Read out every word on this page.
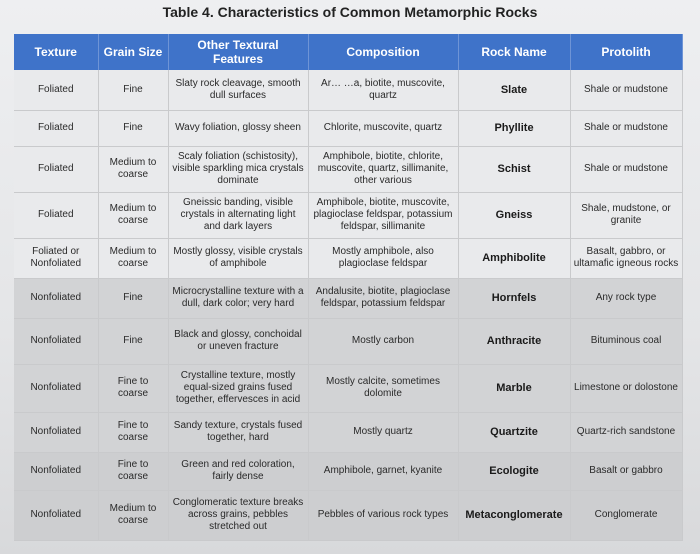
Table 4. Characteristics of Common Metamorphic Rocks
Texture	Grain Size	Other Textural Features	Composition	Rock Name	Protolith
Foliated	Fine	Slaty rock cleavage, smooth dull surfaces	Ar… …a, biotite, muscovite, quartz	Slate	Shale or mudstone
Foliated	Fine	Wavy foliation, glossy sheen	Chlorite, muscovite, quartz	Phyllite	Shale or mudstone
Foliated	Medium to coarse	Scaly foliation (schistosity), visible sparkling mica crystals dominate	Amphibole, biotite, chlorite, muscovite, quartz, sillimanite, other various	Schist	Shale or mudstone
Foliated	Medium to coarse	Gneissic banding, visible crystals in alternating light and dark layers	Amphibole, biotite, muscovite, plagioclase feldspar, potassium feldspar, sillimanite	Gneiss	Shale, mudstone, or granite
Foliated or Nonfoliated	Medium to coarse	Mostly glossy, visible crystals of amphibole	Mostly amphibole, also plagioclase feldspar	Amphibolite	Basalt, gabbro, or ultamafic igneous rocks
Nonfoliated	Fine	Microcrystalline texture with a dull, dark color; very hard	Andalusite, biotite, plagioclase feldspar, potassium feldspar	Hornfels	Any rock type
Nonfoliated	Fine	Black and glossy, conchoidal or uneven fracture	Mostly carbon	Anthracite	Bituminous coal
Nonfoliated	Fine to coarse	Crystalline texture, mostly equal-sized grains fused together, effervesces in acid	Mostly calcite, sometimes dolomite	Marble	Limestone or dolostone
Nonfoliated	Fine to coarse	Sandy texture, crystals fused together, hard	Mostly quartz	Quartzite	Quartz-rich sandstone
Nonfoliated	Fine to coarse	Green and red coloration, fairly dense	Amphibole, garnet, kyanite	Ecologite	Basalt or gabbro
Nonfoliated	Medium to coarse	Conglomeratic texture breaks across grains, pebbles stretched out	Pebbles of various rock types	Metaconglomerate	Conglomerate
